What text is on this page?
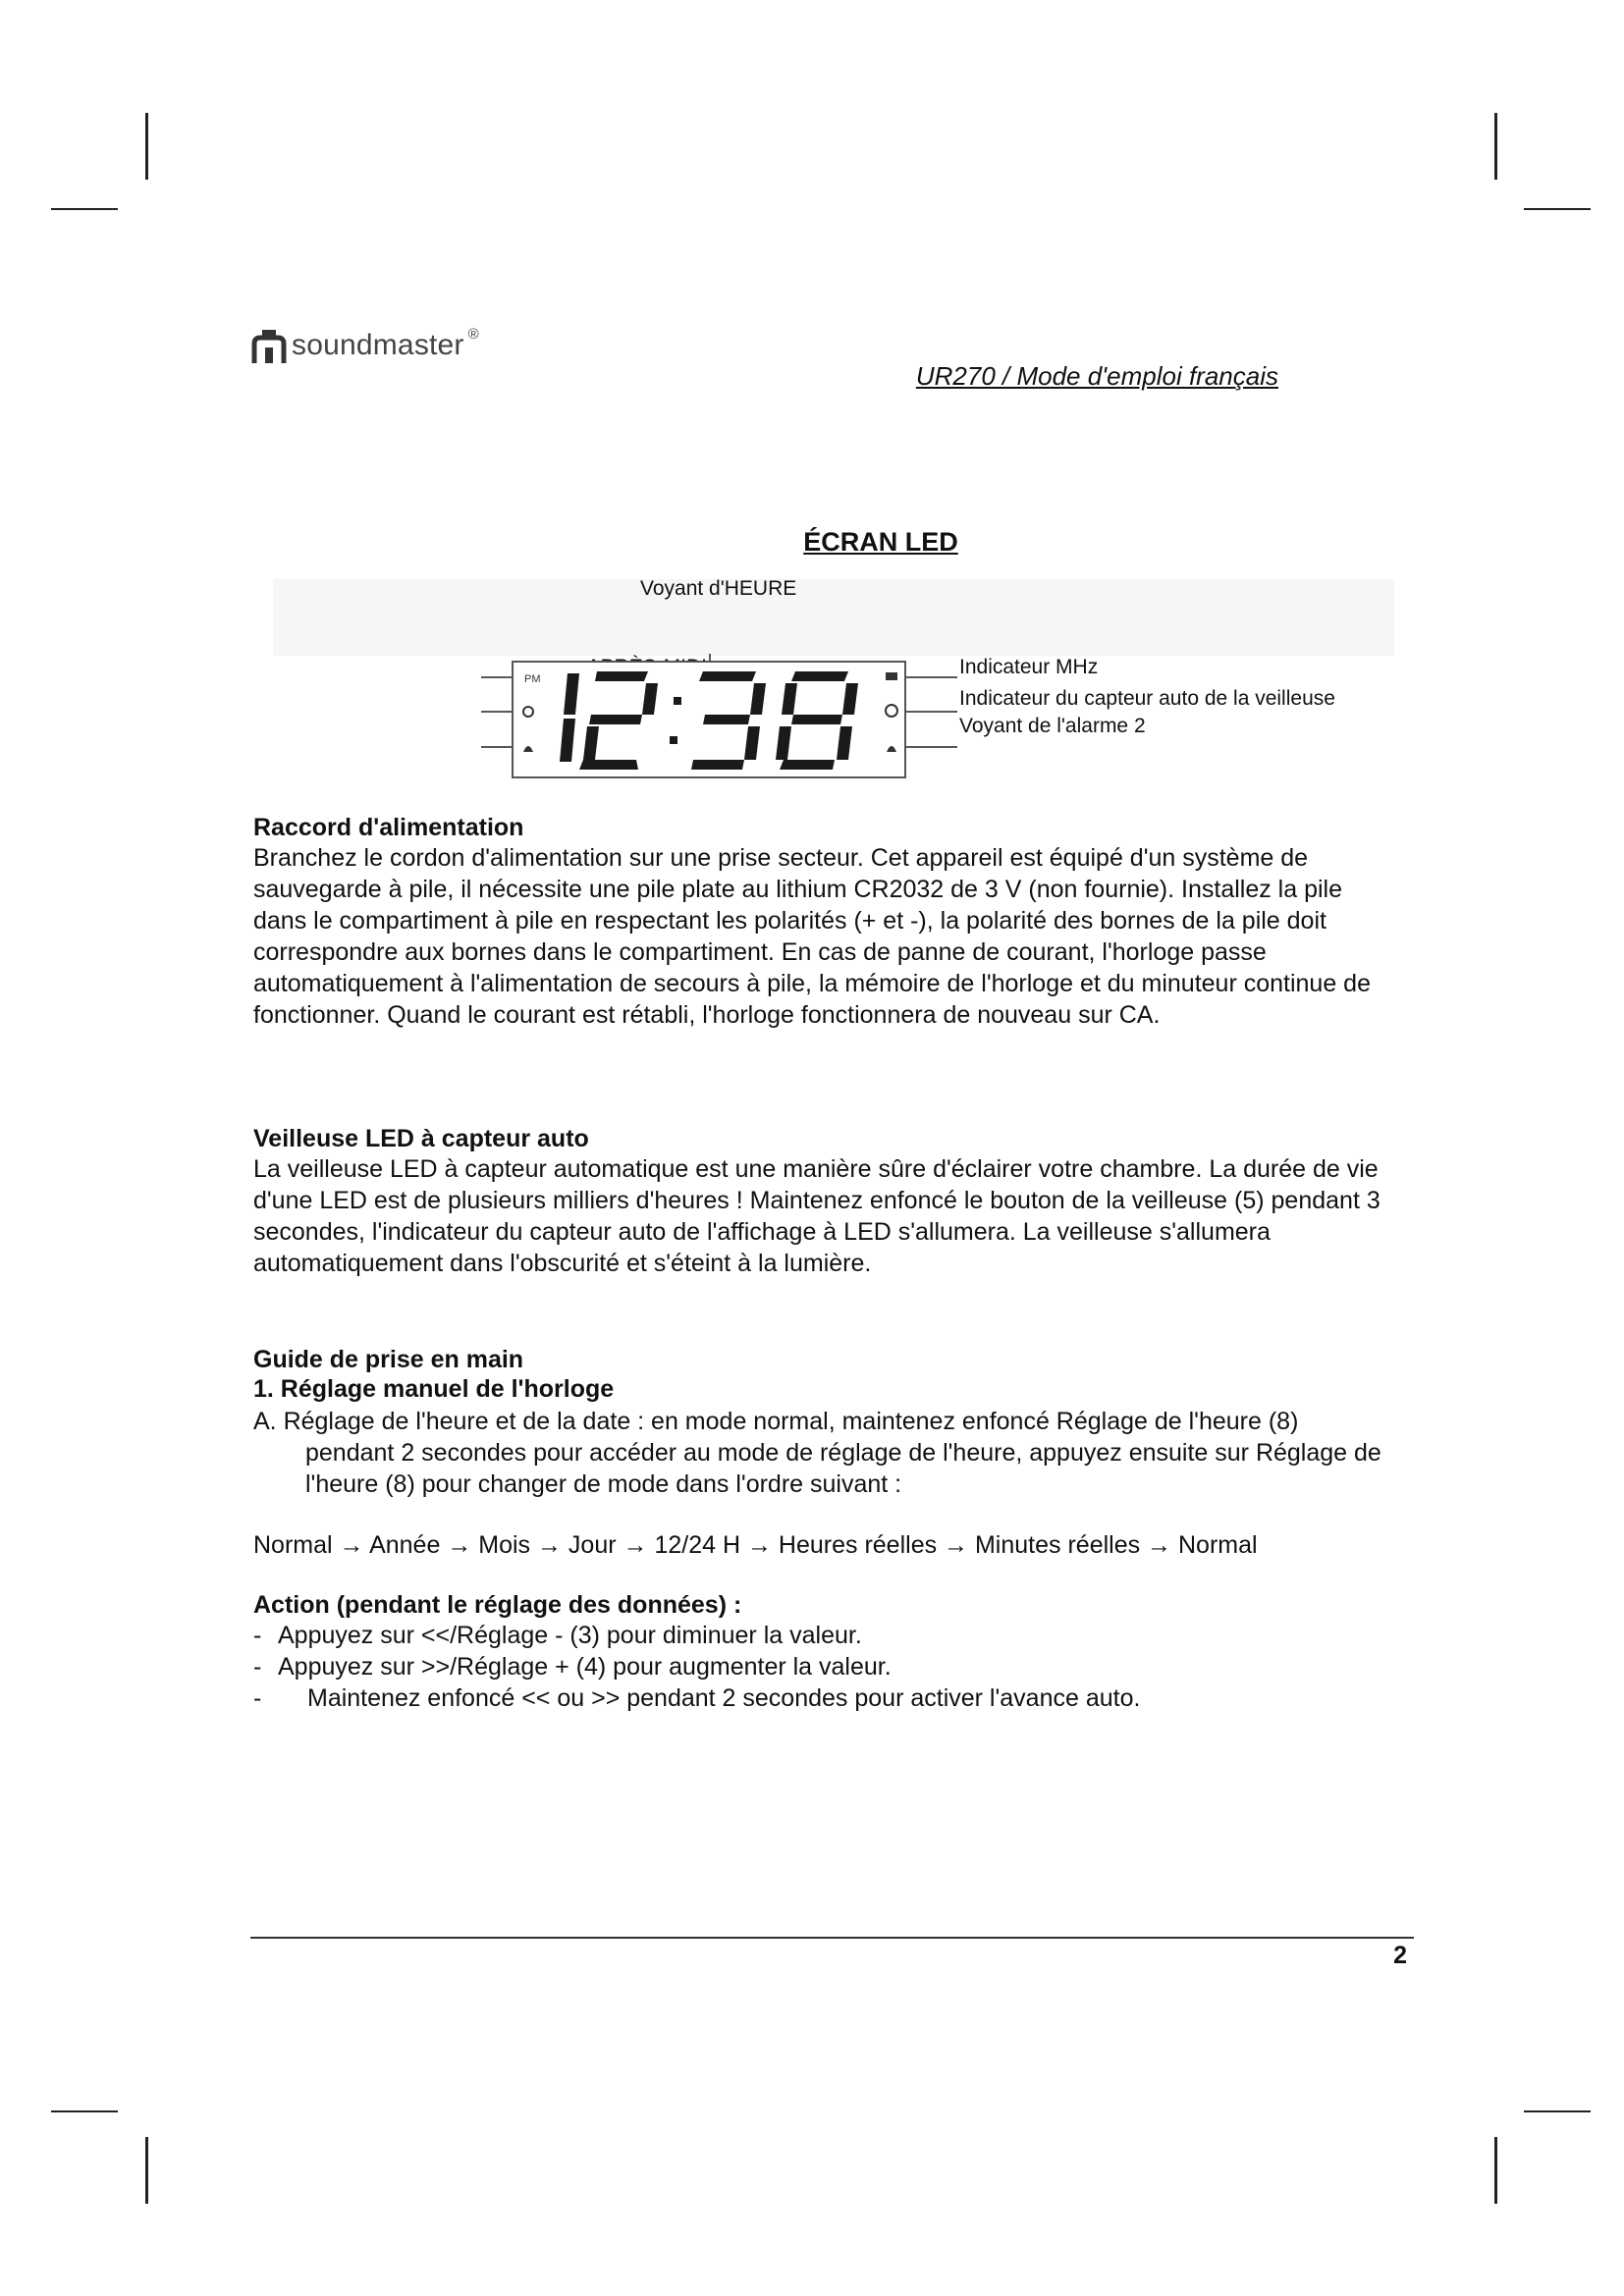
soundmaster ®
UR270 / Mode d'emploi français
ÉCRAN LED
Voyant d'HEURE
Indicateur MHz
Indicateur du capteur auto de la veilleuse
Voyant de l'alarme 2
PM
Raccord d'alimentation

Branchez le cordon d'alimentation sur une prise secteur. Cet appareil est équipé d'un système de sauvegarde à pile, il nécessite une pile plate au lithium CR2032 de 3 V (non fournie). Installez la pile dans le compartiment à pile en respectant les polarités (+ et -), la polarité des bornes de la pile doit correspondre aux bornes dans le compartiment. En cas de panne de courant, l'horloge passe automatiquement à l'alimentation de secours à pile, la mémoire de l'horloge et du minuteur continue de fonctionner. Quand le courant est rétabli, l'horloge fonctionnera de nouveau sur CA.

Veilleuse LED à capteur auto

La veilleuse LED à capteur automatique est une manière sûre d'éclairer votre chambre. La durée de vie d'une LED est de plusieurs milliers d'heures ! Maintenez enfoncé le bouton de la veilleuse (5) pendant 3 secondes, l'indicateur du capteur auto de l'affichage à LED s'allumera. La veilleuse s'allumera automatiquement dans l'obscurité et s'éteint à la lumière.

Guide de prise en main
1. Réglage manuel de l'horloge

A. Réglage de l'heure et de la date : en mode normal, maintenez enfoncé Réglage de l'heure (8) pendant 2 secondes pour accéder au mode de réglage de l'heure, appuyez ensuite sur Réglage de l'heure (8) pour changer de mode dans l'ordre suivant :

Normal → Année → Mois → Jour → 12/24 H → Heures réelles → Minutes réelles → Normal

Action (pendant le réglage des données) :
- Appuyez sur <</Réglage - (3) pour diminuer la valeur.
- Appuyez sur >>/Réglage + (4) pour augmenter la valeur.
- Maintenez enfoncé << ou >> pendant 2 secondes pour activer l'avance auto.
2
